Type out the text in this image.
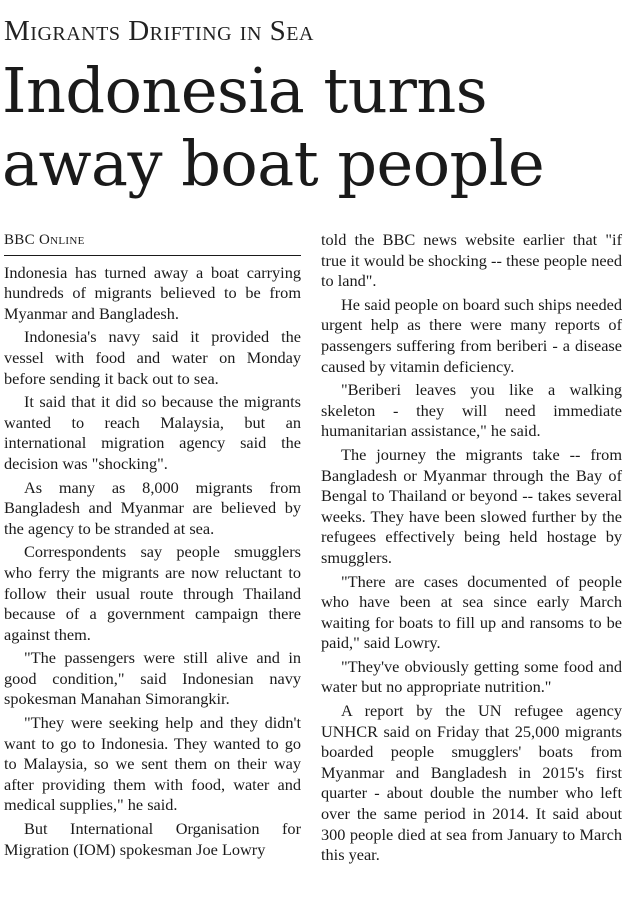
Migrants Drifting in Sea
Indonesia turns away boat people
BBC Online

Indonesia has turned away a boat carrying hundreds of migrants believed to be from Myanmar and Bangladesh.

Indonesia's navy said it provided the vessel with food and water on Monday before sending it back out to sea.

It said that it did so because the migrants wanted to reach Malaysia, but an international migration agency said the decision was "shocking".

As many as 8,000 migrants from Bangladesh and Myanmar are believed by the agency to be stranded at sea.

Correspondents say people smugglers who ferry the migrants are now reluctant to follow their usual route through Thailand because of a government campaign there against them.

"The passengers were still alive and in good condition," said Indonesian navy spokesman Manahan Simorangkir.

"They were seeking help and they didn't want to go to Indonesia. They wanted to go to Malaysia, so we sent them on their way after providing them with food, water and medical supplies," he said.

But International Organisation for Migration (IOM) spokesman Joe Lowry

told the BBC news website earlier that "if true it would be shocking -- these people need to land".

He said people on board such ships needed urgent help as there were many reports of passengers suffering from beriberi - a disease caused by vitamin deficiency.

"Beriberi leaves you like a walking skeleton - they will need immediate humanitarian assistance," he said.

The journey the migrants take -- from Bangladesh or Myanmar through the Bay of Bengal to Thailand or beyond -- takes several weeks. They have been slowed further by the refugees effectively being held hostage by smugglers.

"There are cases documented of people who have been at sea since early March waiting for boats to fill up and ransoms to be paid," said Lowry.

"They've obviously getting some food and water but no appropriate nutrition."

A report by the UN refugee agency UNHCR said on Friday that 25,000 migrants boarded people smugglers' boats from Myanmar and Bangladesh in 2015's first quarter - about double the number who left over the same period in 2014. It said about 300 people died at sea from January to March this year.
